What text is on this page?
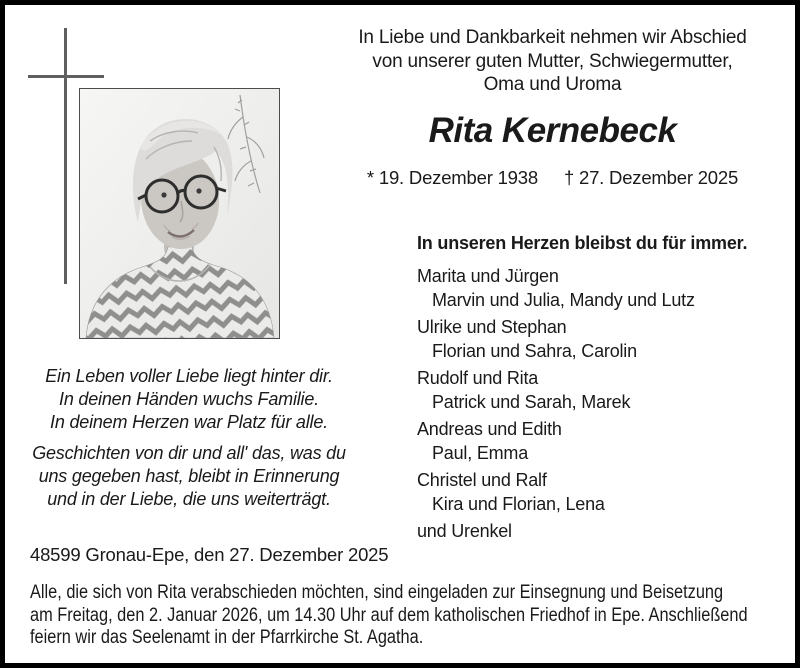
In Liebe und Dankbarkeit nehmen wir Abschied
von unserer guten Mutter, Schwiegermutter,
Oma und Uroma
Rita Kernebeck
* 19. Dezember 1938 † 27. Dezember 2025
In unseren Herzen bleibst du für immer.
Marita und Jürgen
Marvin und Julia, Mandy und Lutz
Ulrike und Stephan
Florian und Sahra, Carolin
Rudolf und Rita
Patrick und Sarah, Marek
Andreas und Edith
Paul, Emma
Christel und Ralf
Kira und Florian, Lena
und Urenkel
Ein Leben voller Liebe liegt hinter dir.
In deinen Händen wuchs Familie.
In deinem Herzen war Platz für alle.
Geschichten von dir und all' das, was du
uns gegeben hast, bleibt in Erinnerung
und in der Liebe, die uns weiterträgt.
48599 Gronau-Epe, den 27. Dezember 2025
Alle, die sich von Rita verabschieden möchten, sind eingeladen zur Einsegnung und Beisetzung
am Freitag, den 2. Januar 2026, um 14.30 Uhr auf dem katholischen Friedhof in Epe. Anschließend
feiern wir das Seelenamt in der Pfarrkirche St. Agatha.
